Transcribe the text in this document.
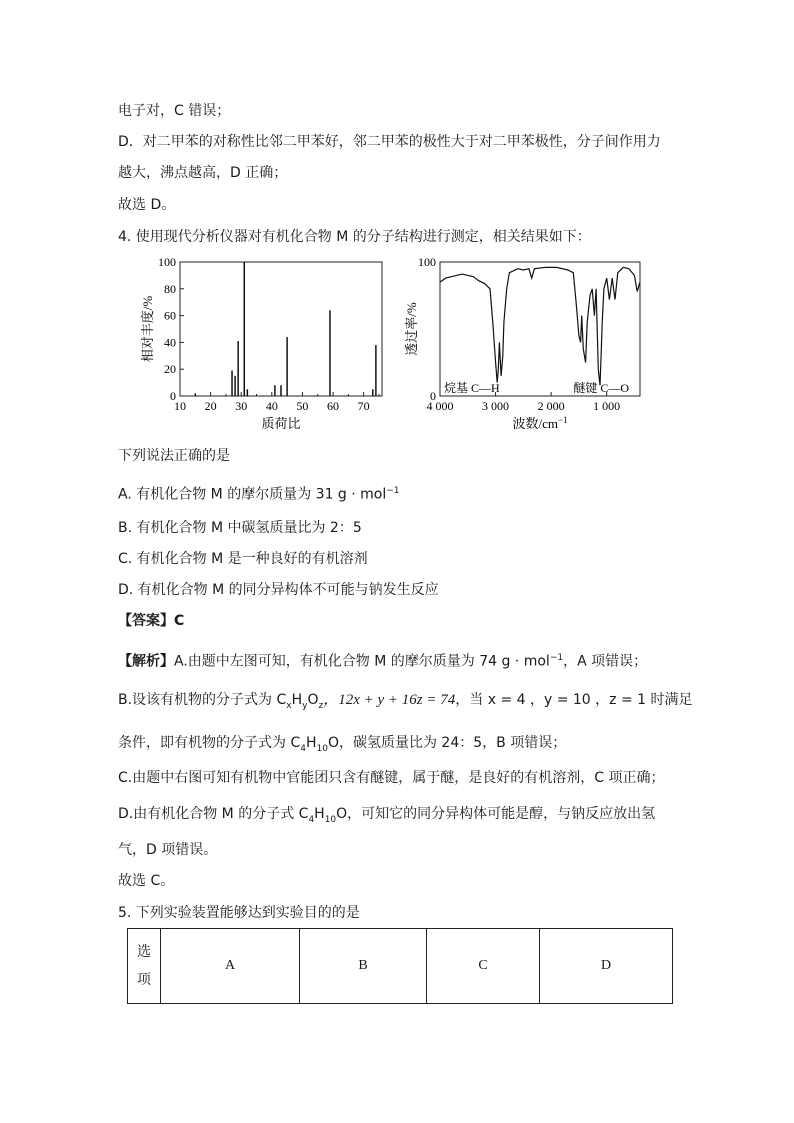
电子对，C 错误；
D．对二甲苯的对称性比邻二甲苯好，邻二甲苯的极性大于对二甲苯极性，分子间作用力
越大，沸点越高，D 正确；
故选 D。
4. 使用现代分析仪器对有机化合物 M 的分子结构进行测定，相关结果如下：
0
20
40
60
80
100
10 20 30 40 50 60 70
质荷比
相对丰度/%
0
100
4 000 3 000 2 000 1 000
烷基 C—H	醚键 C—O
波数$/cm^{-1}$
透过率/%
下列说法正确的是
A. 有机化合物 M 的摩尔质量为 31 g · mol$^{-1}$
B. 有机化合物 M 中碳氢质量比为 2：5
C. 有机化合物 M 是一种良好的有机溶剂
D. 有机化合物 M 的同分异构体不可能与钠发生反应
【答案】C
【解析】A.由题中左图可知，有机化合物 M 的摩尔质量为 74 g · mol$^{-1}$，A 项错误；
B.设该有机物的分子式为 $C_xH_yO_z$，12x + y + 16z = 74，当 x = 4 ，y = 10 ，z = 1 时满足
条件，即有机物的分子式为 $C_4H_{10}O$，碳氢质量比为 24：5，B 项错误；
C.由题中右图可知有机物中官能团只含有醚键，属于醚，是良好的有机溶剂，C 项正确；
D.由有机化合物 M 的分子式 $C_4H_{10}O$，可知它的同分异构体可能是醇，与钠反应放出氢
气，D 项错误。
故选 C。
5. 下列实验装置能够达到实验目的的是
选
项
	A	B	C	D
